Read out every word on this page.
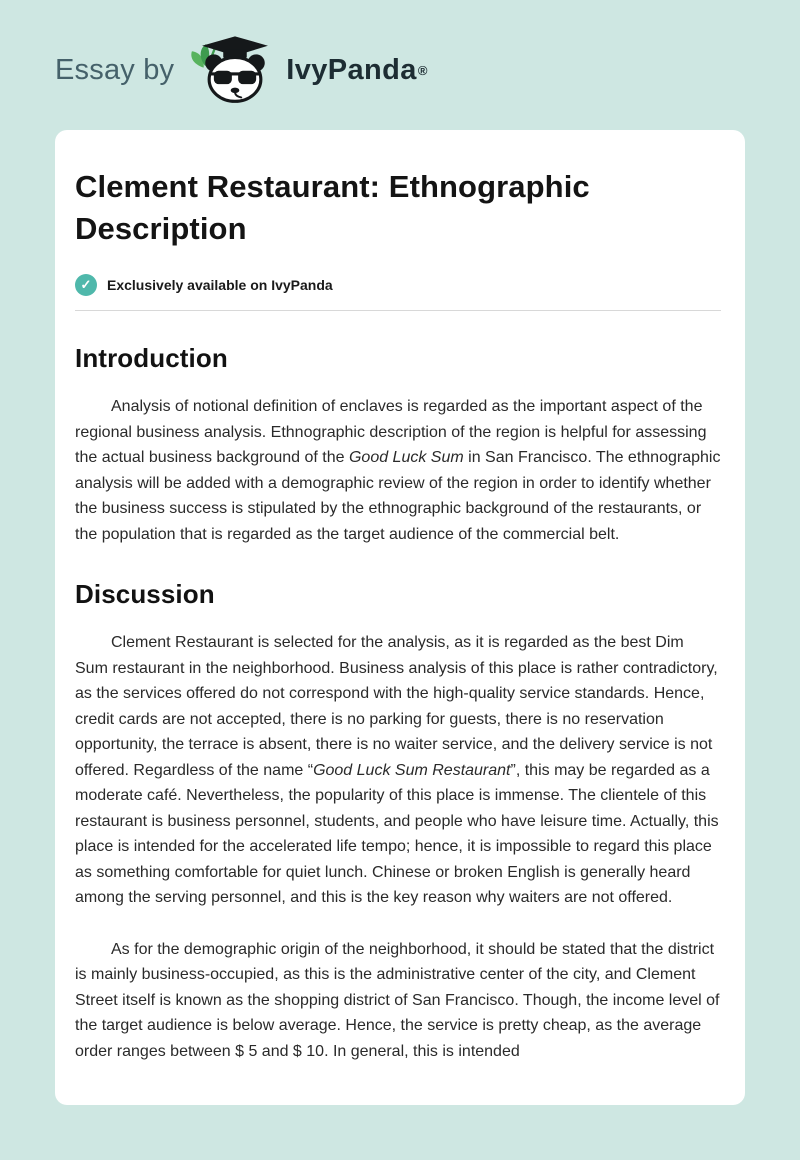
Essay by	IvyPanda ®
Clement Restaurant: Ethnographic Description
✓	Exclusively available on IvyPanda
Introduction

Analysis of notional definition of enclaves is regarded as the important aspect of the regional business analysis. Ethnographic description of the region is helpful for assessing the actual business background of the Good Luck Sum in San Francisco. The ethnographic analysis will be added with a demographic review of the region in order to identify whether the business success is stipulated by the ethnographic background of the restaurants, or the population that is regarded as the target audience of the commercial belt.

Discussion

Clement Restaurant is selected for the analysis, as it is regarded as the best Dim Sum restaurant in the neighborhood. Business analysis of this place is rather contradictory, as the services offered do not correspond with the high-quality service standards. Hence, credit cards are not accepted, there is no parking for guests, there is no reservation opportunity, the terrace is absent, there is no waiter service, and the delivery service is not offered. Regardless of the name “Good Luck Sum Restaurant”, this may be regarded as a moderate café. Nevertheless, the popularity of this place is immense. The clientele of this restaurant is business personnel, students, and people who have leisure time. Actually, this place is intended for the accelerated life tempo; hence, it is impossible to regard this place as something comfortable for quiet lunch. Chinese or broken English is generally heard among the serving personnel, and this is the key reason why waiters are not offered.

As for the demographic origin of the neighborhood, it should be stated that the district is mainly business-occupied, as this is the administrative center of the city, and Clement Street itself is known as the shopping district of San Francisco. Though, the income level of the target audience is below average. Hence, the service is pretty cheap, as the average order ranges between $ 5 and $ 10. In general, this is intended
